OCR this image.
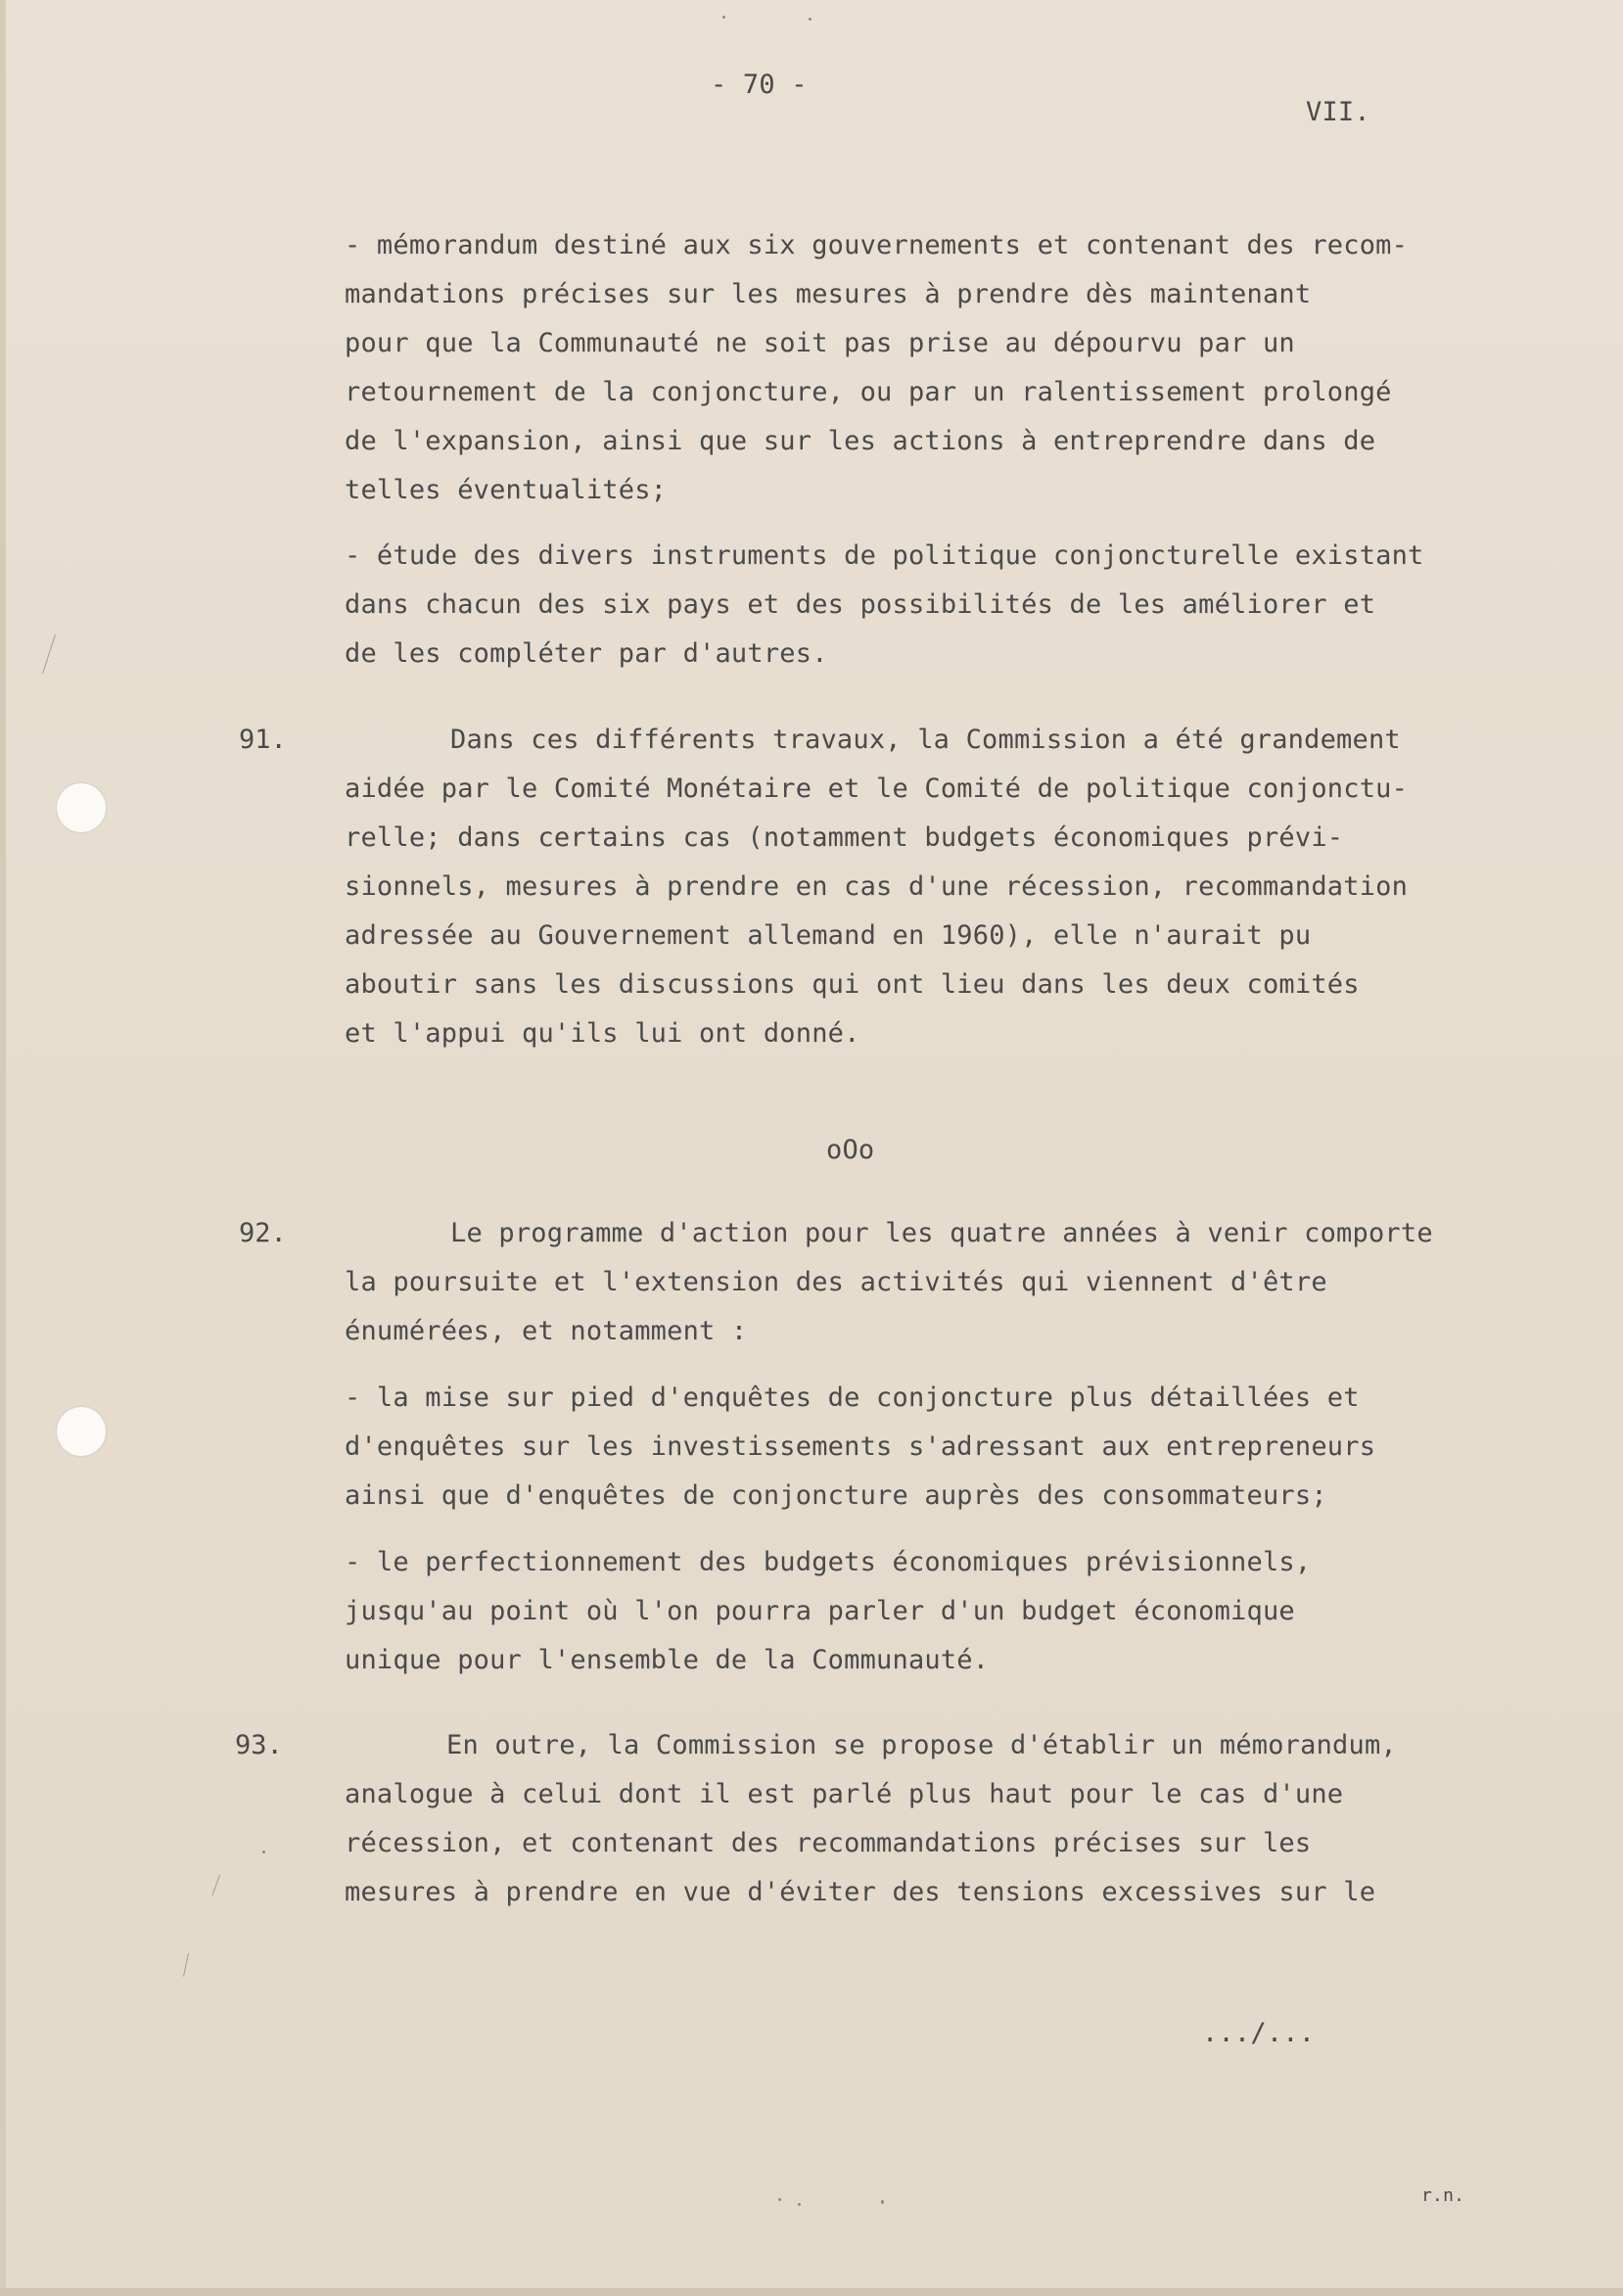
- 70 -

VII.

- mémorandum destiné aux six gouvernements et contenant des recom-
mandations précises sur les mesures à prendre dès maintenant
pour que la Communauté ne soit pas prise au dépourvu par un
retournement de la conjoncture, ou par un ralentissement prolongé
de l'expansion, ainsi que sur les actions à entreprendre dans de
telles éventualités;

- étude des divers instruments de politique conjoncturelle existant
dans chacun des six pays et des possibilités de les améliorer et
de les compléter par d'autres.

91.	Dans ces différents travaux, la Commission a été grandement

aidée par le Comité Monétaire et le Comité de politique conjonctu-
relle; dans certains cas (notamment budgets économiques prévi-
sionnels, mesures à prendre en cas d'une récession, recommandation
adressée au Gouvernement allemand en 1960), elle n'aurait pu
aboutir sans les discussions qui ont lieu dans les deux comités
et l'appui qu'ils lui ont donné.

oOo

92.	Le programme d'action pour les quatre années à venir comporte

la poursuite et l'extension des activités qui viennent d'être
énumérées, et notamment :

- la mise sur pied d'enquêtes de conjoncture plus détaillées et
d'enquêtes sur les investissements s'adressant aux entrepreneurs
ainsi que d'enquêtes de conjoncture auprès des consommateurs;

- le perfectionnement des budgets économiques prévisionnels,
jusqu'au point où l'on pourra parler d'un budget économique
unique pour l'ensemble de la Communauté.

93.	En outre, la Commission se propose d'établir un mémorandum,

analogue à celui dont il est parlé plus haut pour le cas d'une
récession, et contenant des recommandations précises sur les
mesures à prendre en vue d'éviter des tensions excessives sur le

.../...

r.n.
